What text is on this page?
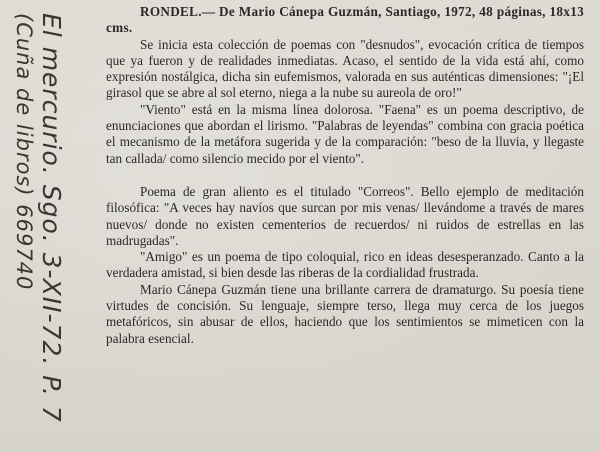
El mercurio. Sgo. 3-XII-72. P. 7
(Cuña de libros) 669740

RONDEL.— De Mario Cánepa Guzmán, Santiago, 1972, 48 páginas, 18x13 cms.

Se inicia esta colección de poemas con "desnudos", evocación crítica de tiempos que ya fueron y de realidades inmediatas. Acaso, el sentido de la vida está ahí, como expresión nostálgica, dicha sin eufemismos, valorada en sus auténticas dimensiones: "¡El girasol que se abre al sol eterno, niega a la nube su aureola de oro!"

"Viento" está en la misma línea dolorosa. "Faena" es un poema descriptivo, de enunciaciones que abordan el lirismo. "Palabras de leyendas" combina con gracia poética el mecanismo de la metáfora sugerida y de la comparación: "beso de la lluvia, y llegaste tan callada/ como silencio mecido por el viento".

Poema de gran aliento es el titulado "Correos". Bello ejemplo de meditación filosófica: "A veces hay navíos que surcan por mis venas/ llevándome a través de mares nuevos/ donde no existen cementerios de recuerdos/ ni ruidos de estrellas en las madrugadas".

"Amigo" es un poema de tipo coloquial, rico en ideas desesperanzado. Canto a la verdadera amistad, si bien desde las riberas de la cordialidad frustrada.

Mario Cánepa Guzmán tiene una brillante carrera de dramaturgo. Su poesía tiene virtudes de concisión. Su lenguaje, siempre terso, llega muy cerca de los juegos metafóricos, sin abusar de ellos, haciendo que los sentimientos se mimeticen con la palabra esencial.
